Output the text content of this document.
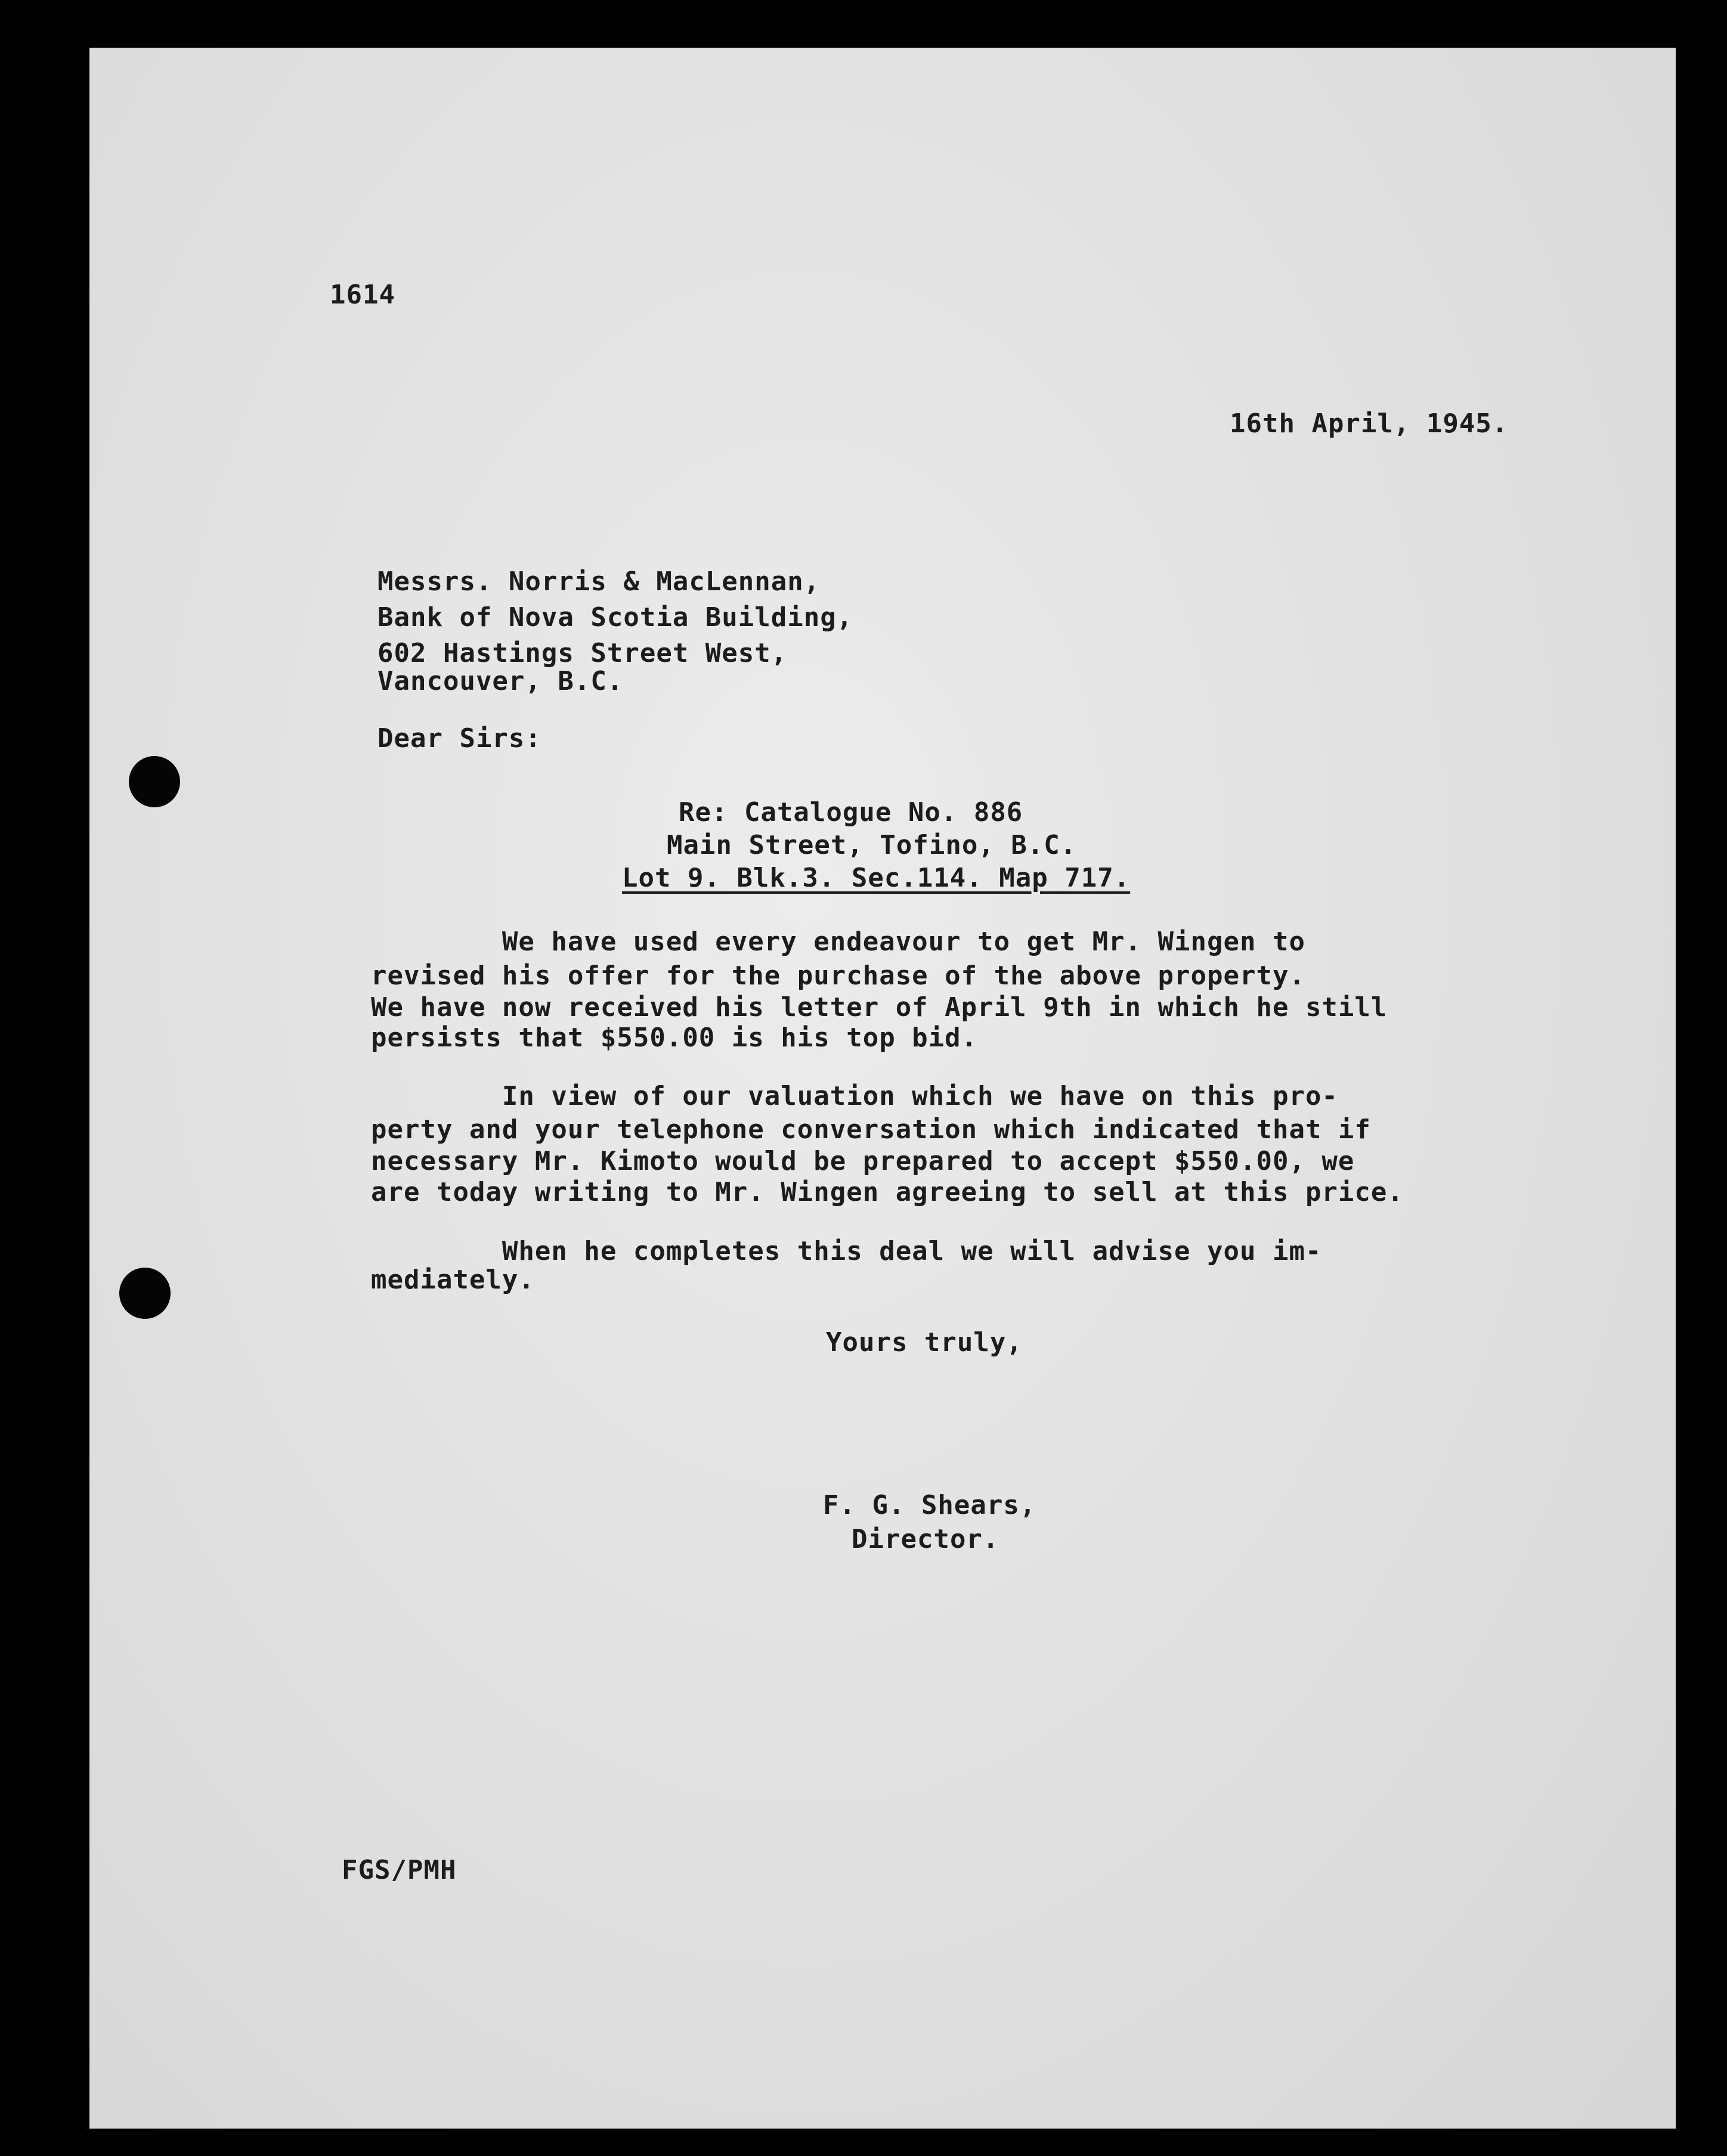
1614
16th April, 1945.
Messrs. Norris & MacLennan,
Bank of Nova Scotia Building,
602 Hastings Street West,
Vancouver, B.C.
Dear Sirs:
Re: Catalogue No. 886
Main Street, Tofino, B.C.
Lot 9. Blk.3. Sec.114. Map 717.
We have used every endeavour to get Mr. Wingen to
revised his offer for the purchase of the above property.
We have now received his letter of April 9th in which he still
persists that $550.00 is his top bid.
In view of our valuation which we have on this pro-
perty and your telephone conversation which indicated that if
necessary Mr. Kimoto would be prepared to accept $550.00, we
are today writing to Mr. Wingen agreeing to sell at this price.
When he completes this deal we will advise you im-
mediately.
Yours truly,
F. G. Shears,
Director.
FGS/PMH
